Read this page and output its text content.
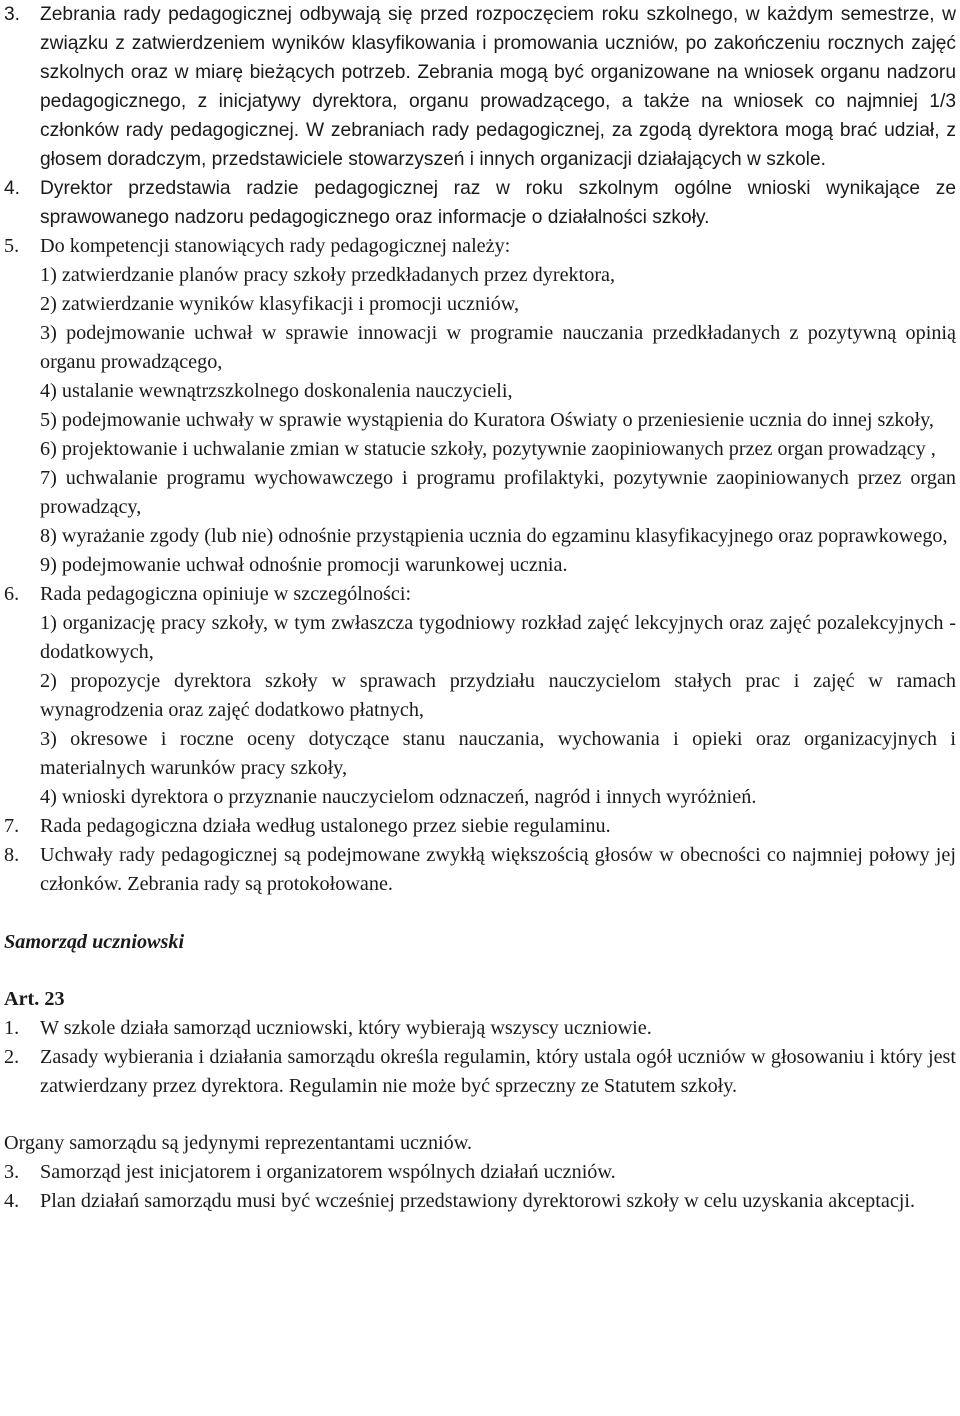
3. Zebrania rady pedagogicznej odbywają się przed rozpoczęciem roku szkolnego, w każdym semestrze, w związku z zatwierdzeniem wyników klasyfikowania i promowania uczniów, po zakończeniu rocznych zajęć szkolnych oraz w miarę bieżących potrzeb. Zebrania mogą być organizowane na wniosek organu nadzoru pedagogicznego, z inicjatywy dyrektora, organu prowadzącego, a także na wniosek co najmniej 1/3 członków rady pedagogicznej. W zebraniach rady pedagogicznej, za zgodą dyrektora mogą brać udział, z głosem doradczym, przedstawiciele stowarzyszeń i innych organizacji działających w szkole.
4. Dyrektor przedstawia radzie pedagogicznej raz w roku szkolnym ogólne wnioski wynikające ze sprawowanego nadzoru pedagogicznego oraz informacje o działalności szkoły.
5. Do kompetencji stanowiących rady pedagogicznej należy:
1) zatwierdzanie planów pracy szkoły przedkładanych przez dyrektora,
2) zatwierdzanie wyników klasyfikacji i promocji uczniów,
3) podejmowanie uchwał w sprawie innowacji w programie nauczania przedkładanych z pozytywną opinią organu prowadzącego,
4) ustalanie wewnątrzszkolnego doskonalenia nauczycieli,
5) podejmowanie uchwały w sprawie wystąpienia do Kuratora Oświaty o przeniesienie ucznia do innej szkoły,
6) projektowanie i uchwalanie zmian w statucie szkoły, pozytywnie zaopiniowanych przez organ prowadzący ,
7) uchwalanie programu wychowawczego i programu profilaktyki, pozytywnie zaopiniowanych przez organ prowadzący,
8) wyrażanie zgody (lub nie) odnośnie przystąpienia ucznia do egzaminu klasyfikacyjnego oraz poprawkowego,
9) podejmowanie uchwał odnośnie promocji warunkowej ucznia.
6. Rada pedagogiczna opiniuje w szczególności:
1) organizację pracy szkoły, w tym zwłaszcza tygodniowy rozkład zajęć lekcyjnych oraz zajęć pozalekcyjnych - dodatkowych,
2) propozycje dyrektora szkoły w sprawach przydziału nauczycielom stałych prac i zajęć w ramach wynagrodzenia oraz zajęć dodatkowo płatnych,
3) okresowe i roczne oceny dotyczące stanu nauczania, wychowania i opieki oraz organizacyjnych i materialnych warunków pracy szkoły,
4) wnioski dyrektora o przyznanie nauczycielom odznaczeń, nagród i innych wyróżnień.
7. Rada pedagogiczna działa według ustalonego przez siebie regulaminu.
8. Uchwały rady pedagogicznej są podejmowane zwykłą większością głosów w obecności co najmniej połowy jej członków. Zebrania rady są protokołowane.
Samorząd uczniowski
Art. 23
1. W szkole działa samorząd uczniowski, który wybierają wszyscy uczniowie.
2. Zasady wybierania i działania samorządu określa regulamin, który ustala ogół uczniów w głosowaniu i który jest zatwierdzany przez dyrektora. Regulamin nie może być sprzeczny ze Statutem szkoły.
Organy samorządu są jedynymi reprezentantami uczniów.
3. Samorząd jest inicjatorem i organizatorem wspólnych działań uczniów.
4. Plan działań samorządu musi być wcześniej przedstawiony dyrektorowi szkoły w celu uzyskania akceptacji.
